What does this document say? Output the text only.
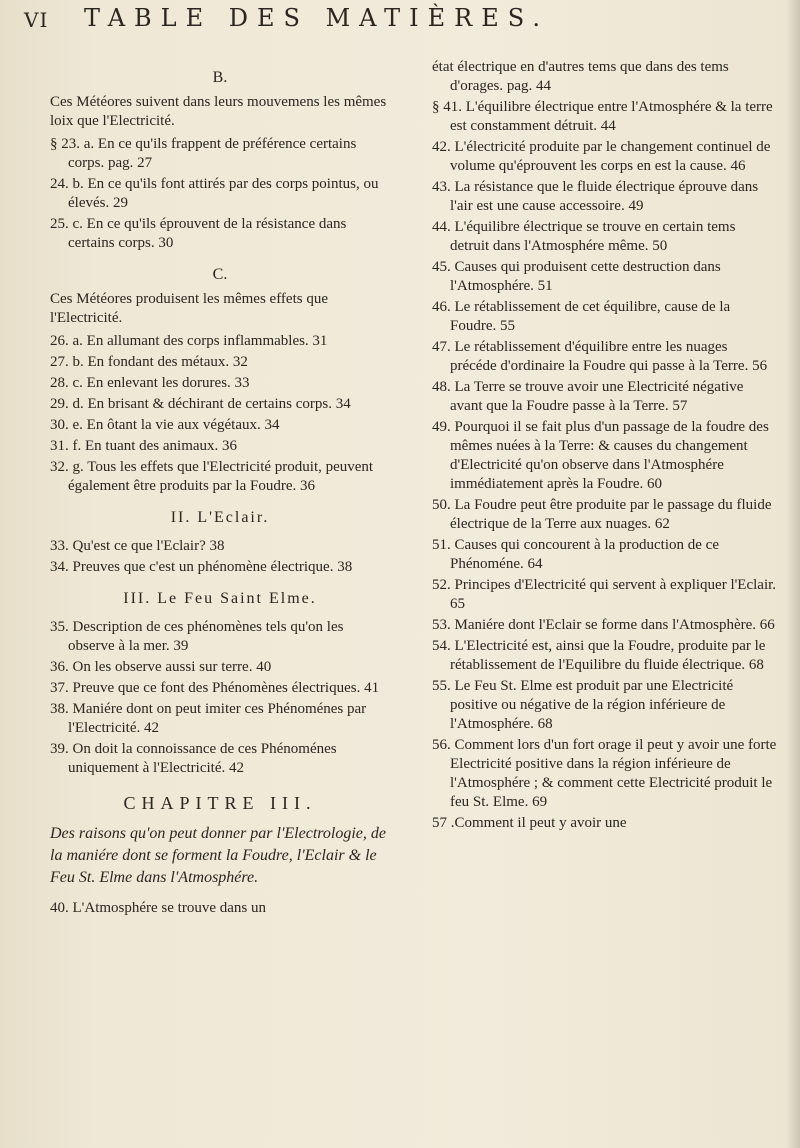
VI TABLE DES MATIÈRES.
B.
Ces Météores suivent dans leurs mouvemens les mêmes loix que l'Electricité.
§ 23. a. En ce qu'ils frappent de préférence certains corps. pag. 27
24. b. En ce qu'ils font attirés par des corps pointus, ou élevés. 29
25. c. En ce qu'ils éprouvent de la résistance dans certains corps. 30
C.
Ces Météores produisent les mêmes effets que l'Electricité.
26. a. En allumant des corps inflammables. 31
27. b. En fondant des métaux. 32
28. c. En enlevant les dorures. 33
29. d. En brisant & déchirant de certains corps. 34
30. e. En ôtant la vie aux végétaux. 34
31. f. En tuant des animaux. 36
32. g. Tous les effets que l'Electricité produit, peuvent également être produits par la Foudre. 36
II. L'Eclair.
33. Qu'est ce que l'Eclair? 38
34. Preuves que c'est un phénomène électrique. 38
III. Le Feu Saint Elme.
35. Description de ces phénomènes tels qu'on les observe à la mer. 39
36. On les observe aussi sur terre. 40
37. Preuve que ce font des Phénomènes électriques. 41
38. Maniére dont on peut imiter ces Phénoménes par l'Electricité. 42
39. On doit la connoissance de ces Phénoménes uniquement à l'Electricité. 42
CHAPITRE III.
Des raisons qu'on peut donner par l'Electrologie, de la maniére dont se forment la Foudre, l'Eclair & le Feu St. Elme dans l'Atmosphére.
40. L'Atmosphére se trouve dans un
état électrique en d'autres tems que dans des tems d'orages. pag. 44
§ 41. L'équilibre électrique entre l'Atmosphére & la terre est constamment détruit. 44
42. L'électricité produite par le changement continuel de volume qu'éprouvent les corps en est la cause. 46
43. La résistance que le fluide électrique éprouve dans l'air est une cause accessoire. 49
44. L'équilibre électrique se trouve en certain tems detruit dans l'Atmosphére même. 50
45. Causes qui produisent cette destruction dans l'Atmosphére. 51
46. Le rétablissement de cet équilibre, cause de la Foudre. 55
47. Le rétablissement d'équilibre entre les nuages précéde d'ordinaire la Foudre qui passe à la Terre. 56
48. La Terre se trouve avoir une Electricité négative avant que la Foudre passe à la Terre. 57
49. Pourquoi il se fait plus d'un passage de la foudre des mêmes nuées à la Terre: & causes du changement d'Electricité qu'on observe dans l'Atmosphére immédiatement après la Foudre. 60
50. La Foudre peut être produite par le passage du fluide électrique de la Terre aux nuages. 62
51. Causes qui concourent à la production de ce Phénoméne. 64
52. Principes d'Electricité qui servent à expliquer l'Eclair. 65
53. Maniére dont l'Eclair se forme dans l'Atmosphère. 66
54. L'Electricité est, ainsi que la Foudre, produite par le rétablissement de l'Equilibre du fluide électrique. 68
55. Le Feu St. Elme est produit par une Electricité positive ou négative de la région inférieure de l'Atmosphére. 68
56. Comment lors d'un fort orage il peut y avoir une forte Electricité positive dans la région inférieure de l'Atmosphére ; & comment cette Electricité produit le feu St. Elme. 69
57 .Comment il peut y avoir une
